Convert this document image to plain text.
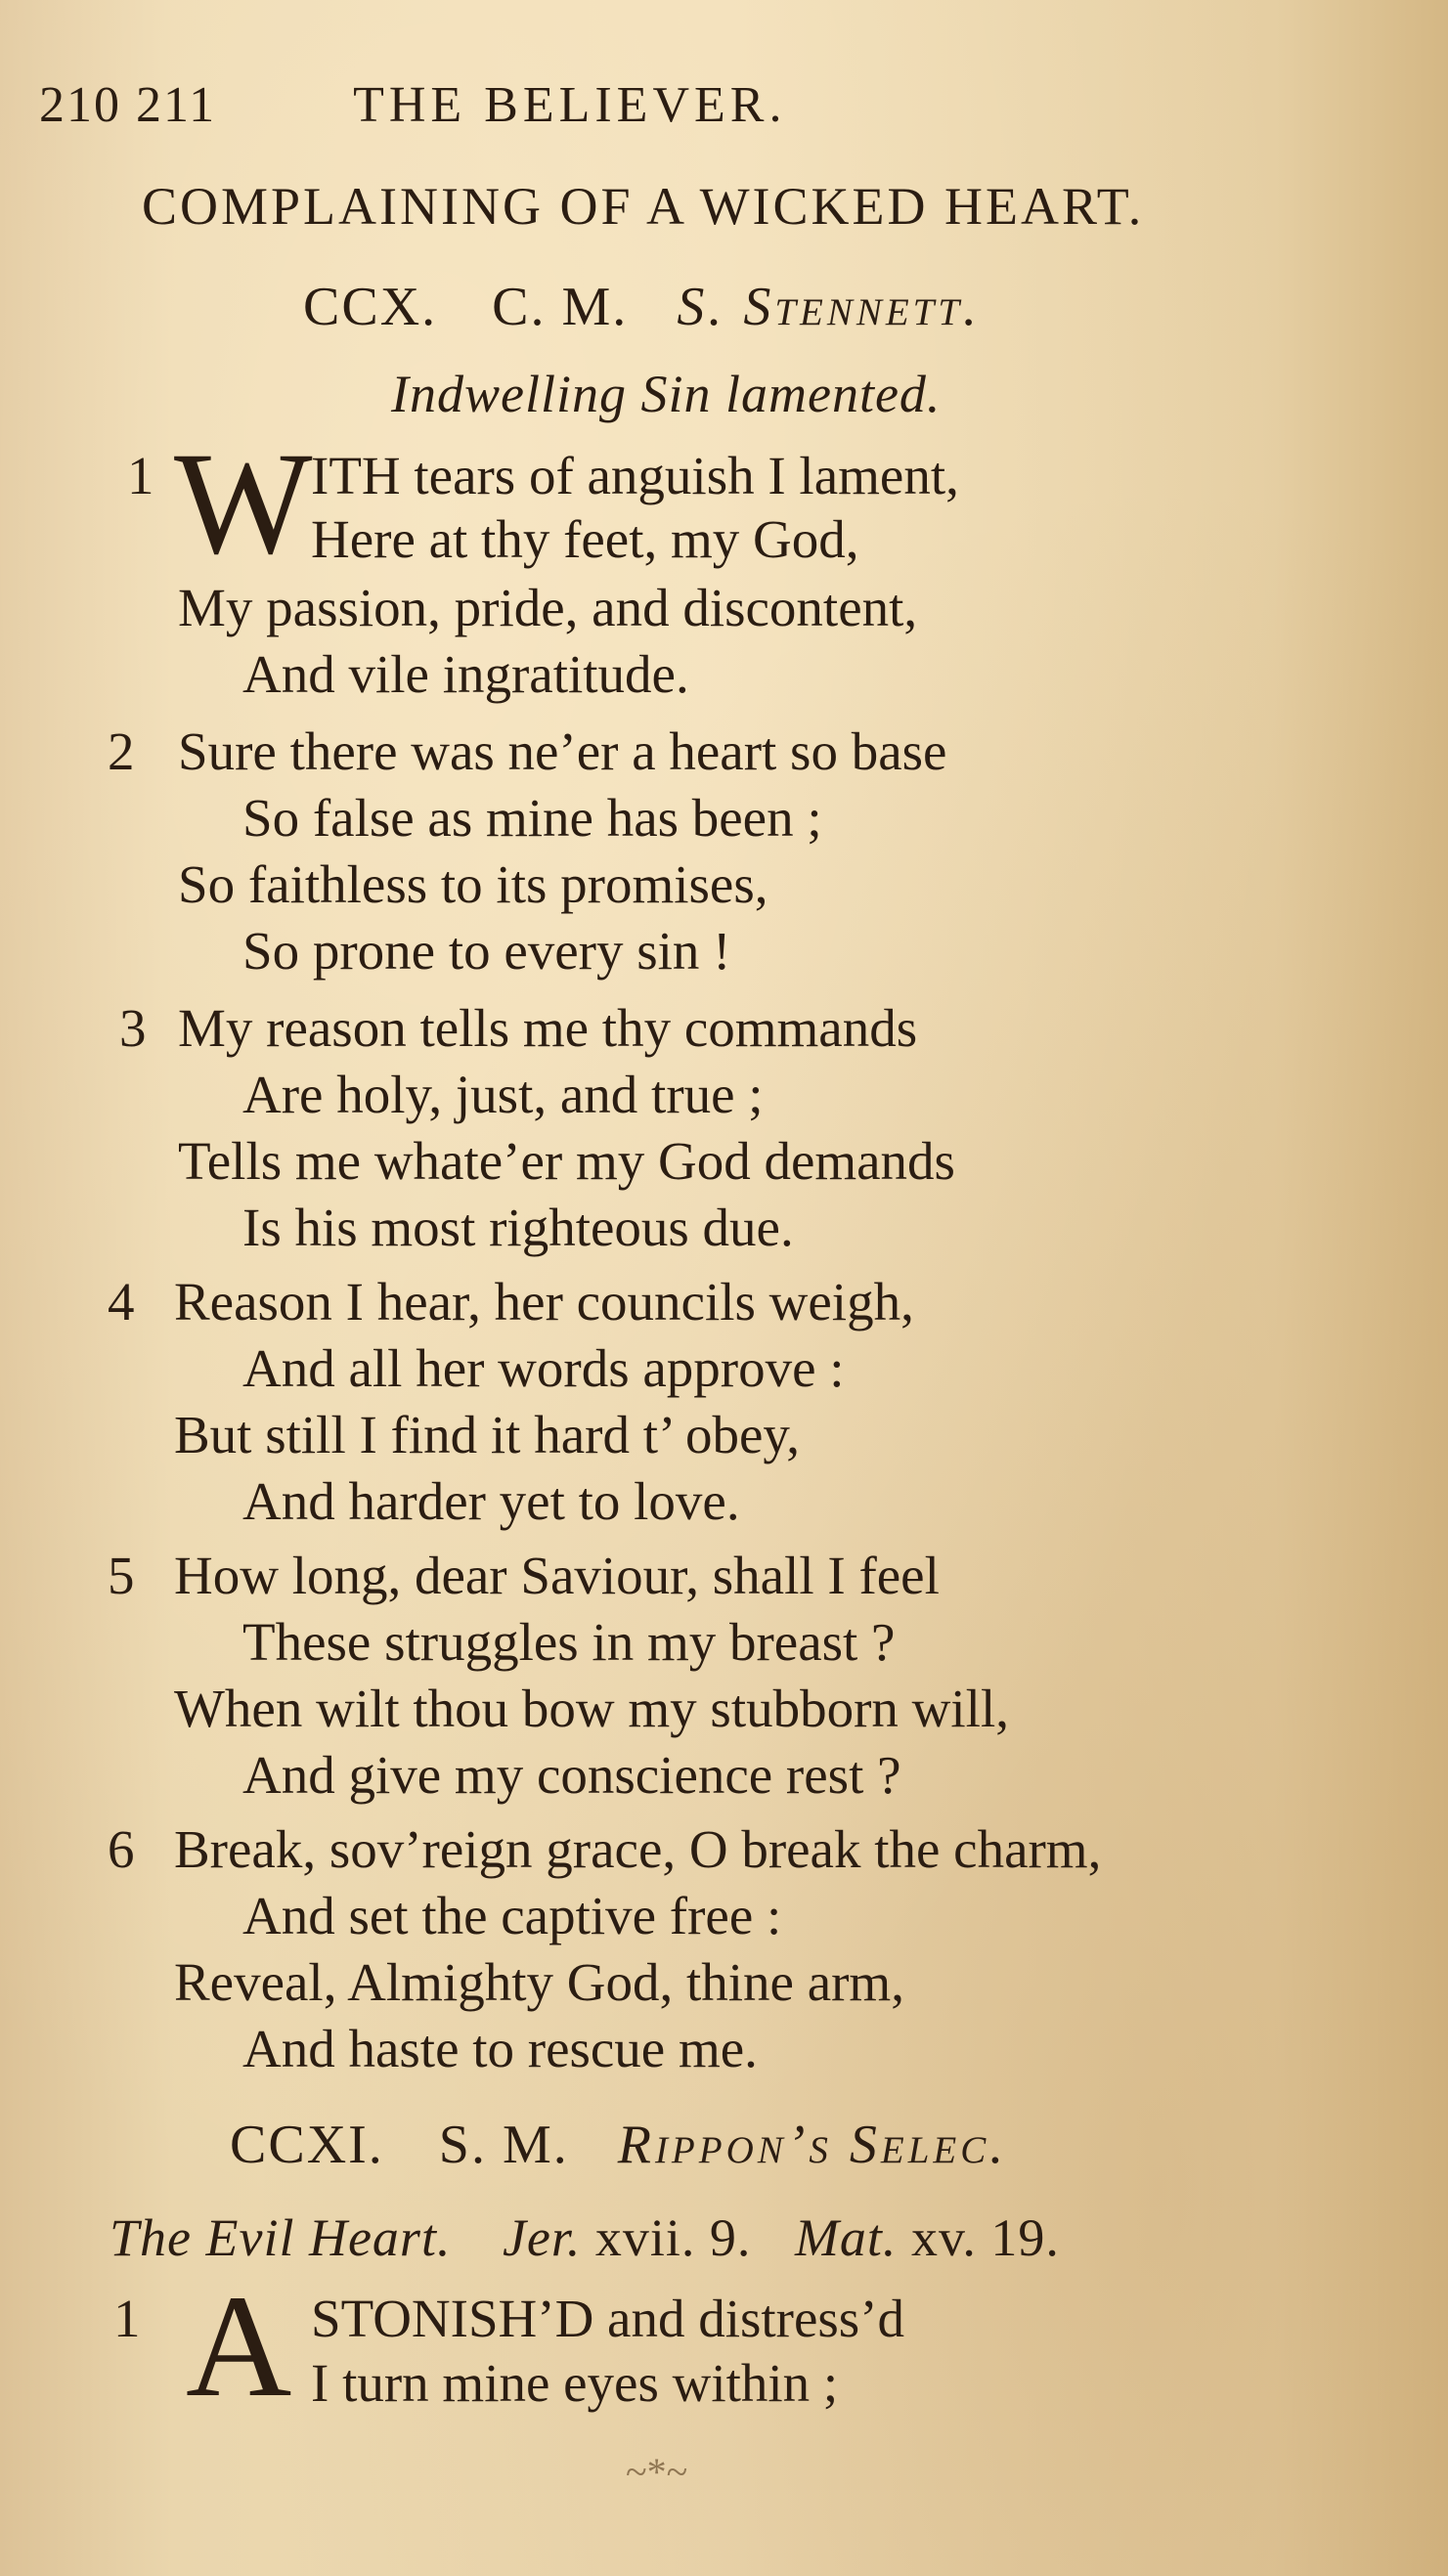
210 211	THE BELIEVER.
COMPLAINING OF A WICKED HEART.
CCX. C. M. S. Stennett.
Indwelling Sin lamented.
1 W
ITH tears of anguish I lament,
Here at thy feet, my God,
My passion, pride, and discontent,
And vile ingratitude.
2 Sure there was ne’er a heart so base
So false as mine has been ;
So faithless to its promises,
So prone to every sin !
3 My reason tells me thy commands
Are holy, just, and true ;
Tells me whate’er my God demands
Is his most righteous due.
4 Reason I hear, her councils weigh,
And all her words approve :
But still I find it hard t’ obey,
And harder yet to love.
5 How long, dear Saviour, shall I feel
These struggles in my breast ?
When wilt thou bow my stubborn will,
And give my conscience rest ?
6 Break, sov’reign grace, O break the charm,
And set the captive free :
Reveal, Almighty God, thine arm,
And haste to rescue me.
CCXI. S. M. Rippon’s Selec.
The Evil Heart. Jer. xvii. 9. Mat. xv. 19.
1 A STONISH’D and distress’d
I turn mine eyes within ;
~*~
